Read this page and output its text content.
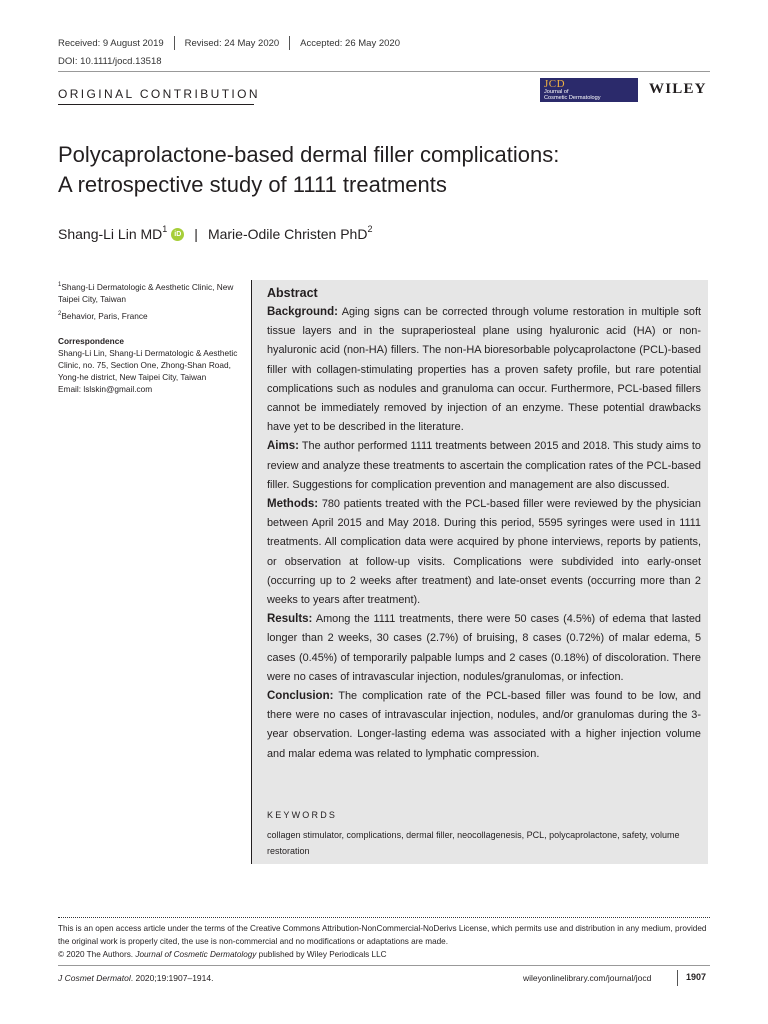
Received: 9 August 2019 Revised: 24 May 2020 Accepted: 26 May 2020
DOI: 10.1111/jocd.13518
ORIGINAL CONTRIBUTION
JCD
Journal of
Cosmetic Dermatology
WILEY
Polycaprolactone-based dermal filler complications:
A retrospective study of 1111 treatments
Shang-Li Lin $MD^1$	iD | Marie-Odile Christen PhD$^2$
$^1$Shang-Li Dermatologic & Aesthetic Clinic, New Taipei City, Taiwan
$^2$Behavior, Paris, France
Correspondence
Shang-Li Lin, Shang-Li Dermatologic & Aesthetic Clinic, no. 75, Section One, Zhong-Shan Road, Yong-he district, New Taipei City, Taiwan
Email: lslskin@gmail.com
Abstract

Background: Aging signs can be corrected through volume restoration in multiple soft tissue layers and in the supraperiosteal plane using hyaluronic acid (HA) or non-hyaluronic acid (non-HA) fillers. The non-HA bioresorbable polycaprolactone (PCL)-based filler with collagen-stimulating properties has a proven safety profile, but rare potential complications such as nodules and granuloma can occur. Furthermore, PCL-based fillers cannot be immediately removed by injection of an enzyme. These potential drawbacks have yet to be described in the literature.

Aims: The author performed 1111 treatments between 2015 and 2018. This study aims to review and analyze these treatments to ascertain the complication rates of the PCL-based filler. Suggestions for complication prevention and management are also discussed.

Methods: 780 patients treated with the PCL-based filler were reviewed by the physician between April 2015 and May 2018. During this period, 5595 syringes were used in 1111 treatments. All complication data were acquired by phone interviews, reports by patients, or observation at follow-up visits. Complications were subdivided into early-onset (occurring up to 2 weeks after treatment) and late-onset events (occurring more than 2 weeks to years after treatment).

Results: Among the 1111 treatments, there were 50 cases (4.5%) of edema that lasted longer than 2 weeks, 30 cases (2.7%) of bruising, 8 cases (0.72%) of malar edema, 5 cases (0.45%) of temporarily palpable lumps and 2 cases (0.18%) of discoloration. There were no cases of intravascular injection, nodules/granulomas, or infection.

Conclusion: The complication rate of the PCL-based filler was found to be low, and there were no cases of intravascular injection, nodules, and/or granulomas during the 3-year observation. Longer-lasting edema was associated with a higher injection volume and malar edema was related to lymphatic compression.

KEYWORDS
collagen stimulator, complications, dermal filler, neocollagenesis, PCL, polycaprolactone, safety, volume restoration
This is an open access article under the terms of the Creative Commons Attribution-NonCommercial-NoDerivs License, which permits use and distribution in any medium, provided the original work is properly cited, the use is non-commercial and no modifications or adaptations are made.
© 2020 The Authors. Journal of Cosmetic Dermatology published by Wiley Periodicals LLC
J Cosmet Dermatol. 2020;19:1907–1914.	wileyonlinelibrary.com/journal/jocd	1907
